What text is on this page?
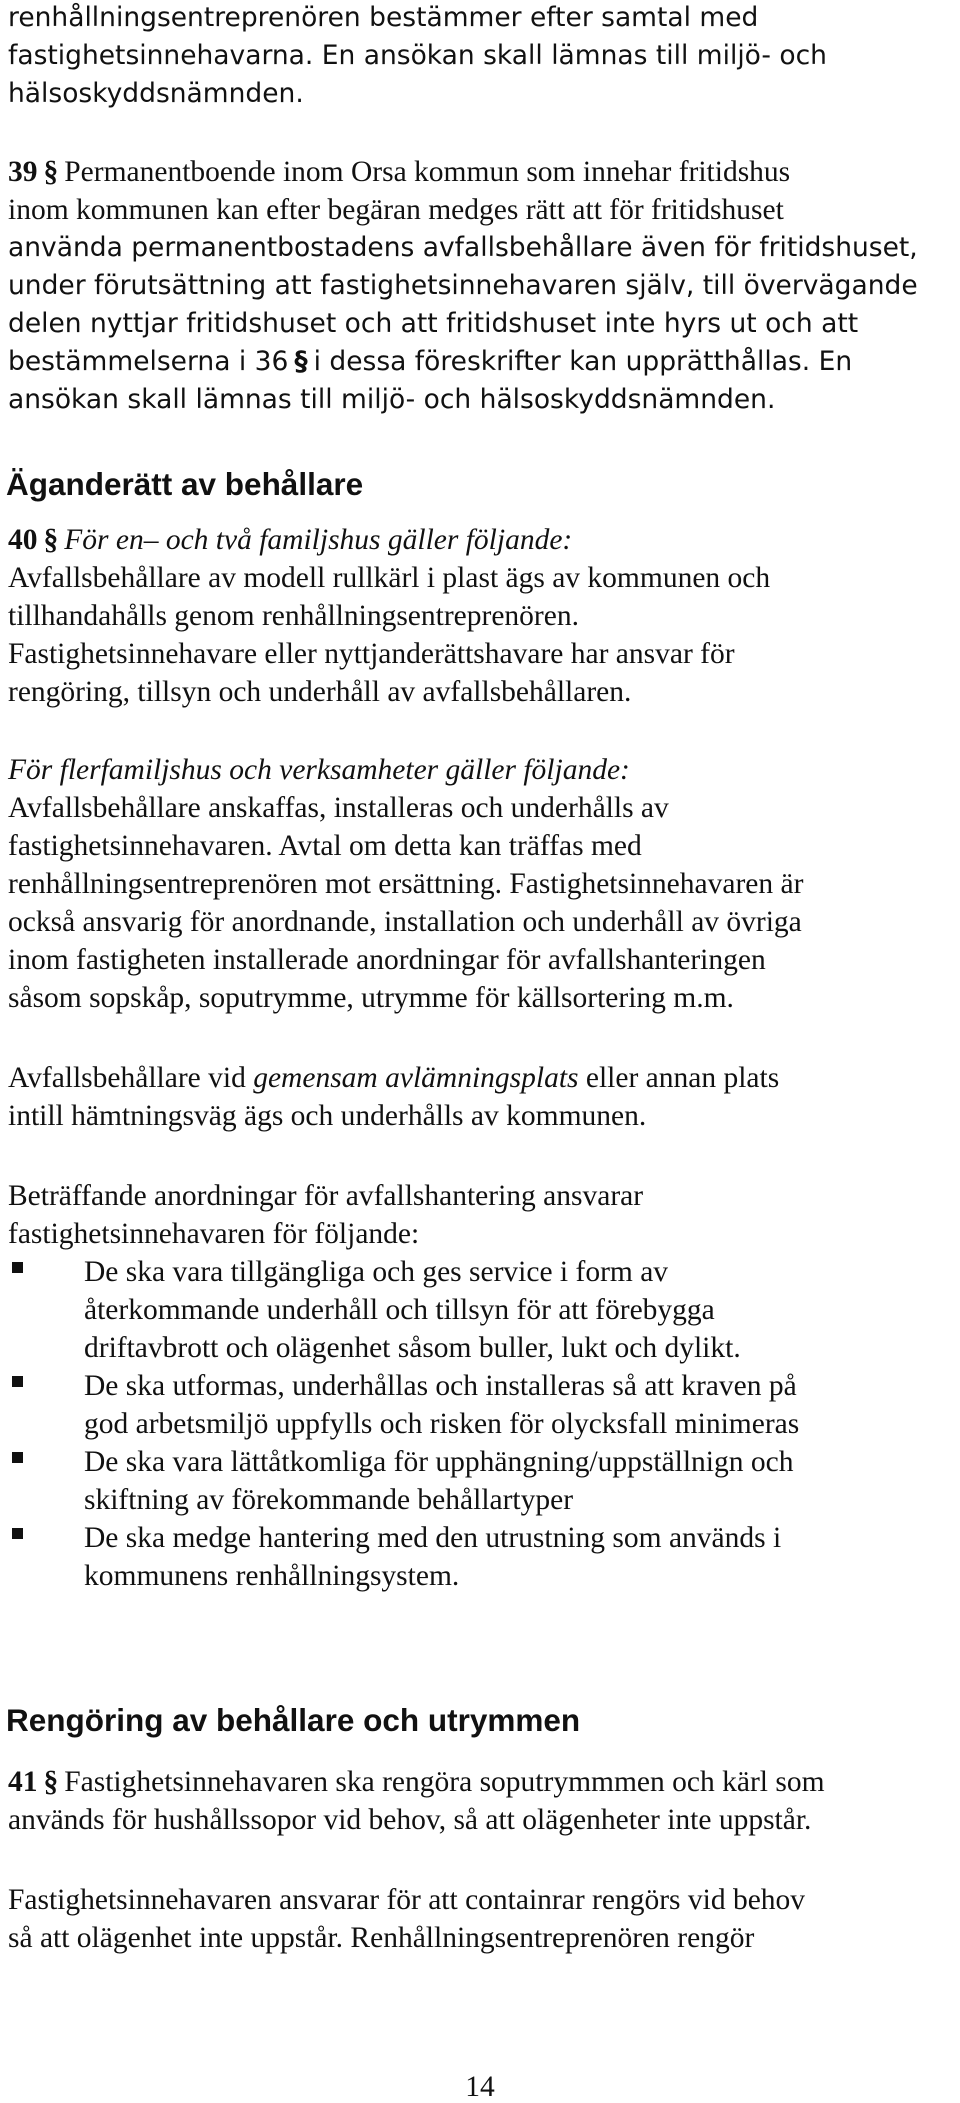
renhållningsentreprenören bestämmer efter samtal med
fastighetsinnehavarna. En ansökan skall lämnas till miljö- och
hälsoskyddsnämnden.
39 § Permanentboende inom Orsa kommun som innehar fritidshus
inom kommunen kan efter begäran medges rätt att för fritidshuset
använda permanentbostadens avfallsbehållare även för fritidshuset,
under förutsättning att fastighetsinnehavaren själv, till övervägande
delen nyttjar fritidshuset och att fritidshuset inte hyrs ut och att
bestämmelserna i 36 § i dessa föreskrifter kan upprätthållas. En
ansökan skall lämnas till miljö- och hälsoskyddsnämnden.
Äganderätt av behållare
40 § För en– och två familjshus gäller följande:
Avfallsbehållare av modell rullkärl i plast ägs av kommunen och
tillhandahålls genom renhållningsentreprenören.
Fastighetsinnehavare eller nyttjanderättshavare har ansvar för
rengöring, tillsyn och underhåll av avfallsbehållaren.
För flerfamiljshus och verksamheter gäller följande:
Avfallsbehållare anskaffas, installeras och underhålls av
fastighetsinnehavaren. Avtal om detta kan träffas med
renhållningsentreprenören mot ersättning. Fastighetsinnehavaren är
också ansvarig för anordnande, installation och underhåll av övriga
inom fastigheten installerade anordningar för avfallshanteringen
såsom sopskåp, soputrymme, utrymme för källsortering m.m.
Avfallsbehållare vid gemensam avlämningsplats eller annan plats
intill hämtningsväg ägs och underhålls av kommunen.
Beträffande anordningar för avfallshantering ansvarar
fastighetsinnehavaren för följande:
De ska vara tillgängliga och ges service i form av
återkommande underhåll och tillsyn för att förebygga
driftavbrott och olägenhet såsom buller, lukt och dylikt.
De ska utformas, underhållas och installeras så att kraven på
god arbetsmiljö uppfylls och risken för olycksfall minimeras
De ska vara lättåtkomliga för upphängning/uppställnign och
skiftning av förekommande behållartyper
De ska medge hantering med den utrustning som används i
kommunens renhållningsystem.
Rengöring av behållare och utrymmen
41 § Fastighetsinnehavaren ska rengöra soputrymmmen och kärl som
används för hushållssopor vid behov, så att olägenheter inte uppstår.
Fastighetsinnehavaren ansvarar för att containrar rengörs vid behov
så att olägenhet inte uppstår. Renhållningsentreprenören rengör
14
